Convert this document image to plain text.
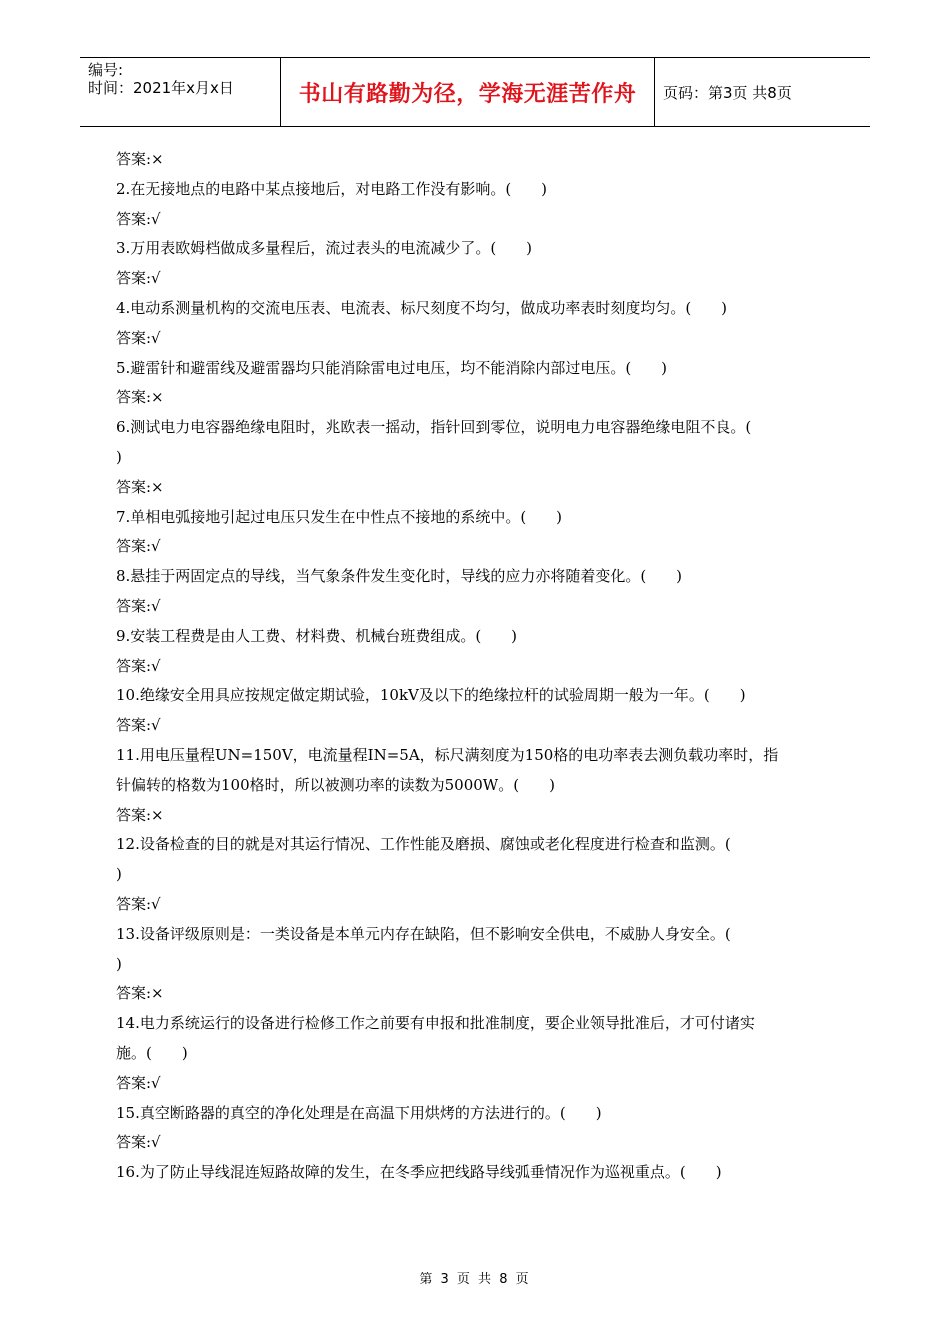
编号:
时间：2021年x月x日	书山有路勤为径，学海无涯苦作舟 页码：第3页 共8页
答案:×
2.在无接地点的电路中某点接地后，对电路工作没有影响。(　　)
答案:√
3.万用表欧姆档做成多量程后，流过表头的电流减少了。(　　)
答案:√
4.电动系测量机构的交流电压表、电流表、标尺刻度不均匀，做成功率表时刻度均匀。(　　)
答案:√
5.避雷针和避雷线及避雷器均只能消除雷电过电压，均不能消除内部过电压。(　　)
答案:×
6.测试电力电容器绝缘电阻时，兆欧表一摇动，指针回到零位，说明电力电容器绝缘电阻不良。(
)
答案:×
7.单相电弧接地引起过电压只发生在中性点不接地的系统中。(　　)
答案:√
8.悬挂于两固定点的导线，当气象条件发生变化时，导线的应力亦将随着变化。(　　)
答案:√
9.安装工程费是由人工费、材料费、机械台班费组成。(　　)
答案:√
10.绝缘安全用具应按规定做定期试验，10kV及以下的绝缘拉杆的试验周期一般为一年。(　　)
答案:√
11.用电压量程UN=150V，电流量程IN=5A，标尺满刻度为150格的电功率表去测负载功率时，指
针偏转的格数为100格时，所以被测功率的读数为5000W。(　　)
答案:×
12.设备检查的目的就是对其运行情况、工作性能及磨损、腐蚀或老化程度进行检查和监测。(
)
答案:√
13.设备评级原则是：一类设备是本单元内存在缺陷，但不影响安全供电，不威胁人身安全。(
)
答案:×
14.电力系统运行的设备进行检修工作之前要有申报和批准制度，要企业领导批准后，才可付诸实
施。(　　)
答案:√
15.真空断路器的真空的净化处理是在高温下用烘烤的方法进行的。(　　)
答案:√
16.为了防止导线混连短路故障的发生，在冬季应把线路导线弧垂情况作为巡视重点。(　　)
第 3 页 共 8 页
